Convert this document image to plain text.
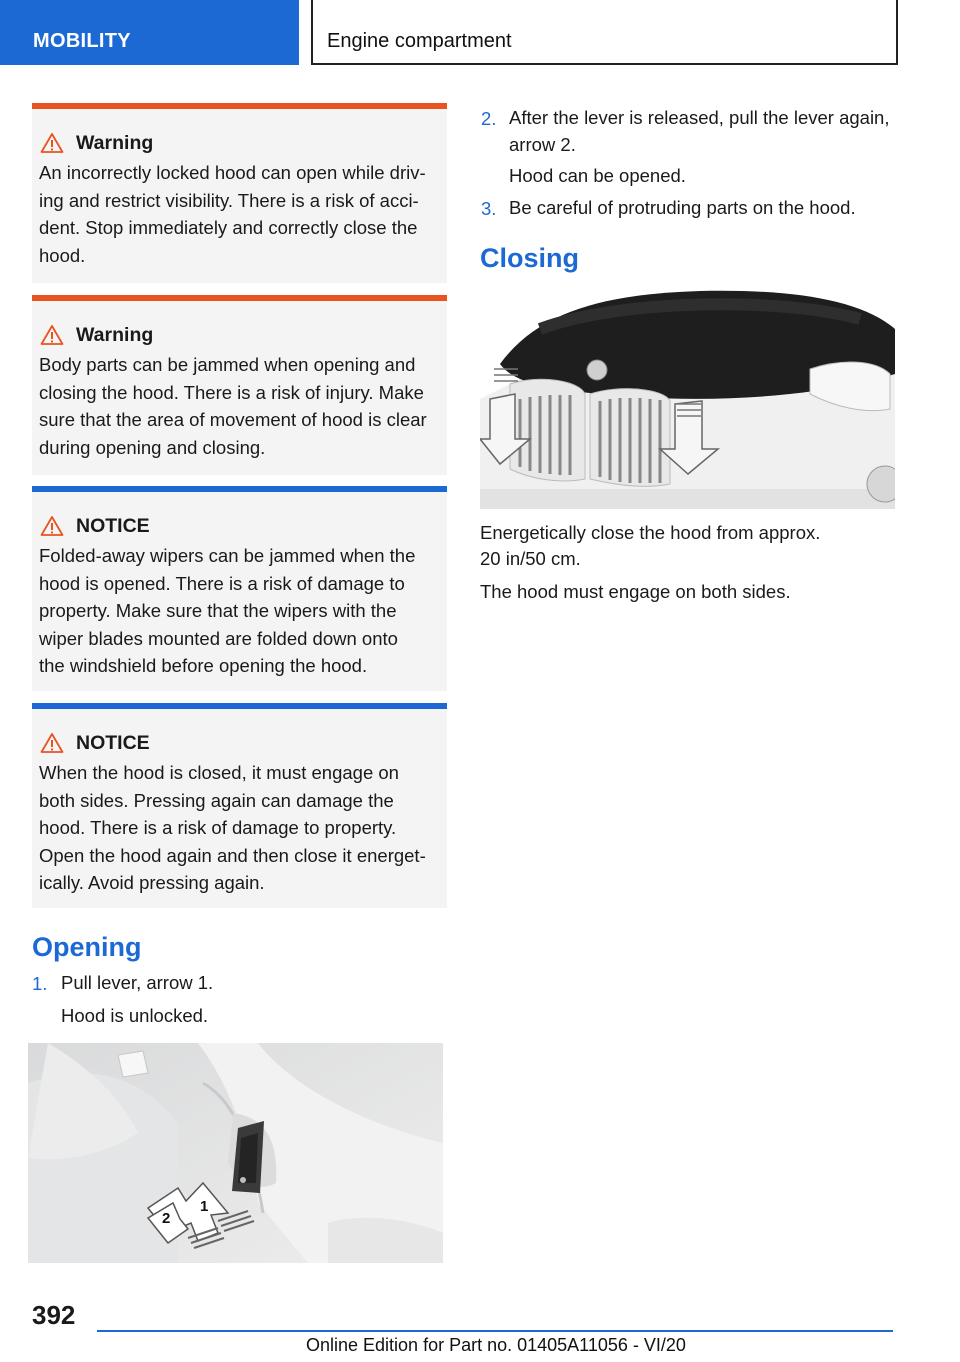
MOBILITY	Engine compartment
Warning
An incorrectly locked hood can open while driv-
ing and restrict visibility. There is a risk of acci-
dent. Stop immediately and correctly close the
hood.
Warning
Body parts can be jammed when opening and
closing the hood. There is a risk of injury. Make
sure that the area of movement of hood is clear
during opening and closing.
NOTICE
Folded-away wipers can be jammed when the
hood is opened. There is a risk of damage to
property. Make sure that the wipers with the
wiper blades mounted are folded down onto
the windshield before opening the hood.
NOTICE
When the hood is closed, it must engage on
both sides. Pressing again can damage the
hood. There is a risk of damage to property.
Open the hood again and then close it energet-
ically. Avoid pressing again.
Opening
1. Pull lever, arrow 1.
Hood is unlocked.
1
2
2. After the lever is released, pull the lever again,
arrow 2.
Hood can be opened.
3. Be careful of protruding parts on the hood.
Closing
Energetically close the hood from approx.
20 in/50 cm.
The hood must engage on both sides.
392
Online Edition for Part no. 01405A11056 - VI/20
